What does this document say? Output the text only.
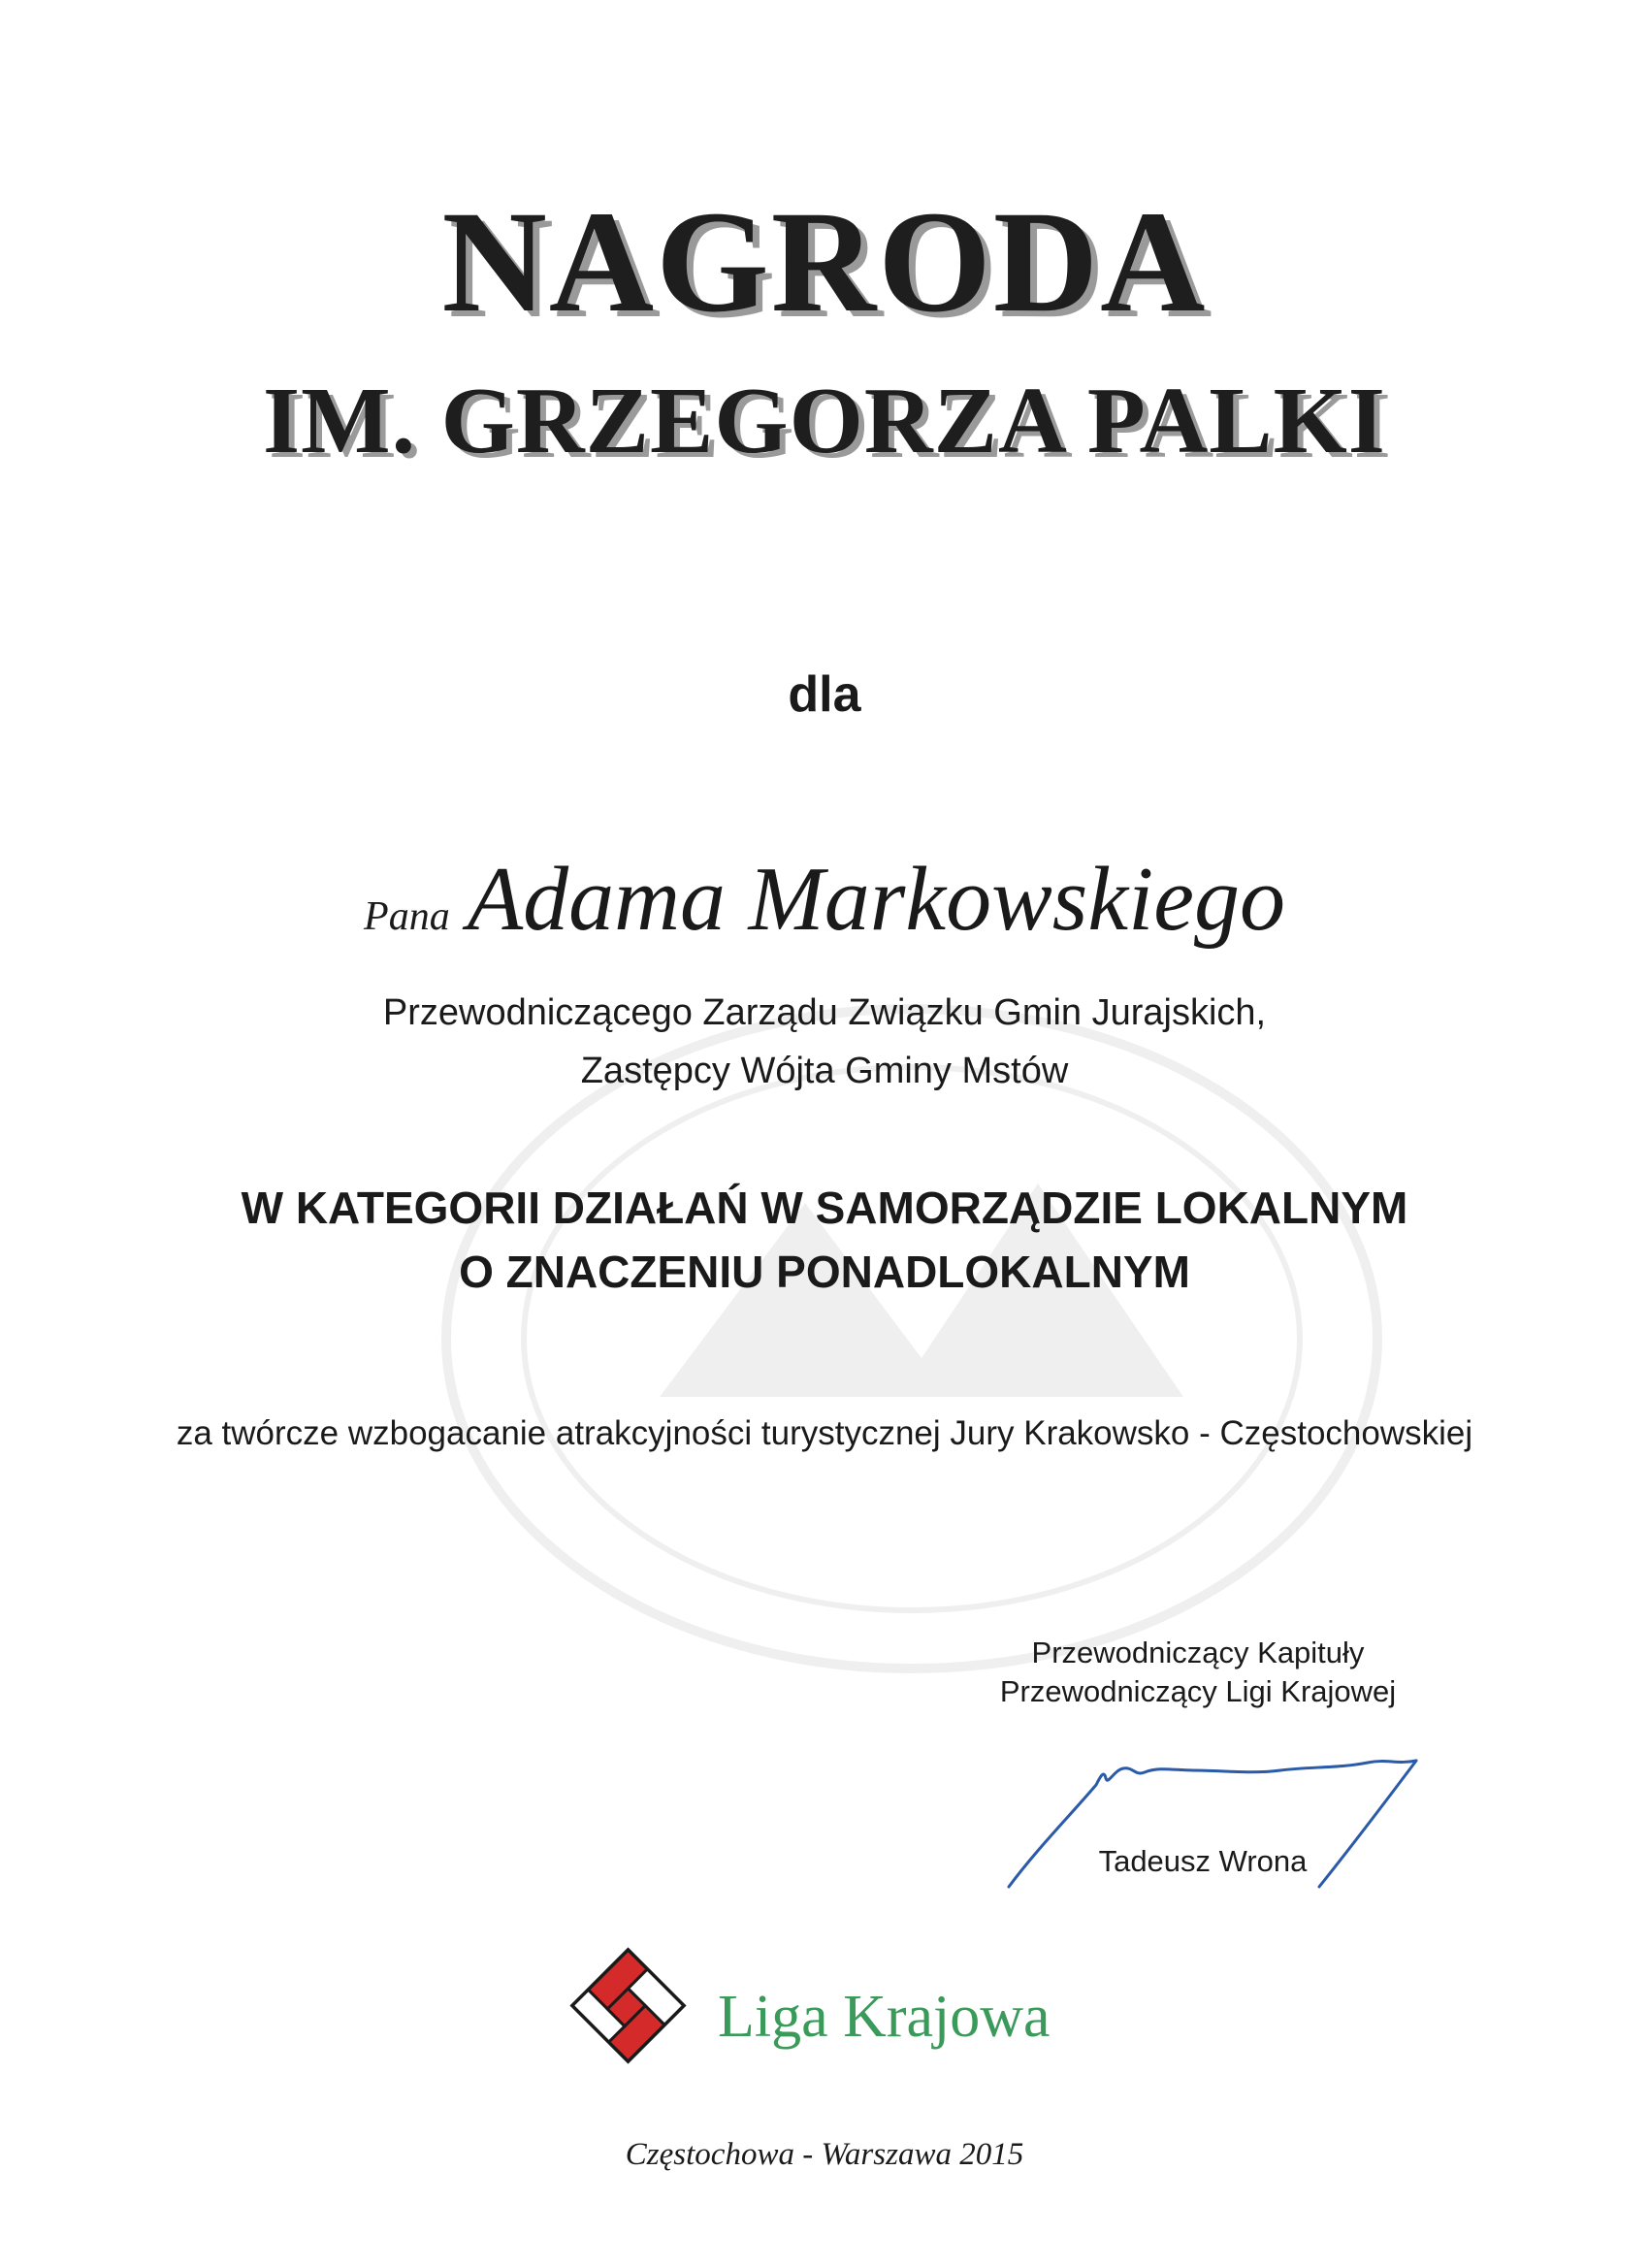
NAGRODA
IM. GRZEGORZA PALKI
dla
Pana Adama Markowskiego
Przewodniczącego Zarządu Związku Gmin Jurajskich,
Zastępcy Wójta Gminy Mstów
W KATEGORII DZIAŁAŃ W SAMORZĄDZIE LOKALNYM
O ZNACZENIU PONADLOKALNYM
za twórcze wzbogacanie atrakcyjności turystycznej Jury Krakowsko - Częstochowskiej
Przewodniczący Kapituły
Przewodniczący Ligi Krajowej
Tadeusz Wrona
Liga Krajowa
Częstochowa - Warszawa 2015
